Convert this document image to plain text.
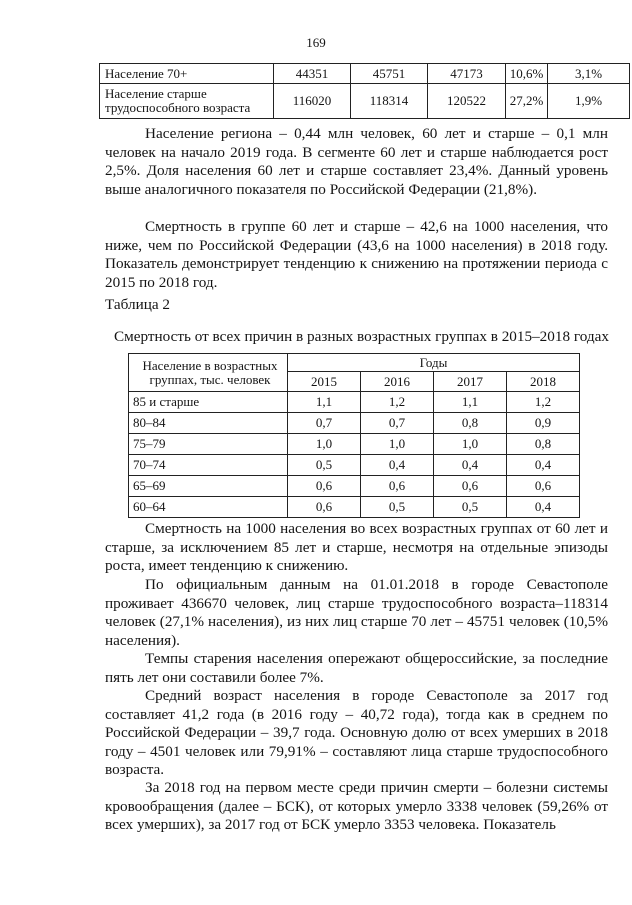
169
Население 70+	44351	45751	47173	10,6%	3,1%
Население старше трудоспособного возраста	116020	118314	120522	27,2%	1,9%

Население региона – 0,44 млн человек, 60 лет и старше – 0,1 млн человек на начало 2019 года. В сегменте 60 лет и старше наблюдается рост 2,5%. Доля населения 60 лет и старше составляет 23,4%. Данный уровень выше аналогичного показателя по Российской Федерации (21,8%).

Смертность в группе 60 лет и старше – 42,6 на 1000 населения, что ниже, чем по Российской Федерации (43,6 на 1000 населения) в 2018 году. Показатель демонстрирует тенденцию к снижению на протяжении периода с 2015 по 2018 год.

Таблица 2
Смертность от всех причин в разных возрастных группах в 2015–2018 годах
Население в возрастных группах, тыс. человек	Годы			
	2015	2016	2017	2018
85 и старше	1,1	1,2	1,1	1,2
80–84	0,7	0,7	0,8	0,9
75–79	1,0	1,0	1,0	0,8
70–74	0,5	0,4	0,4	0,4
65–69	0,6	0,6	0,6	0,6
60–64	0,6	0,5	0,5	0,4

Смертность на 1000 населения во всех возрастных группах от 60 лет и старше, за исключением 85 лет и старше, несмотря на отдельные эпизоды роста, имеет тенденцию к снижению.

По официальным данным на 01.01.2018 в городе Севастополе проживает 436670 человек, лиц старше трудоспособного возраста–118314 человек (27,1% населения), из них лиц старше 70 лет – 45751 человек (10,5% населения).

Темпы старения населения опережают общероссийские, за последние пять лет они составили более 7%.

Средний возраст населения в городе Севастополе за 2017 год составляет 41,2 года (в 2016 году – 40,72 года), тогда как в среднем по Российской Федерации – 39,7 года. Основную долю от всех умерших в 2018 году – 4501 человек или 79,91% – составляют лица старше трудоспособного возраста.

За 2018 год на первом месте среди причин смерти – болезни системы кровообращения (далее – БСК), от которых умерло 3338 человек (59,26% от всех умерших), за 2017 год от БСК умерло 3353 человека. Показатель
